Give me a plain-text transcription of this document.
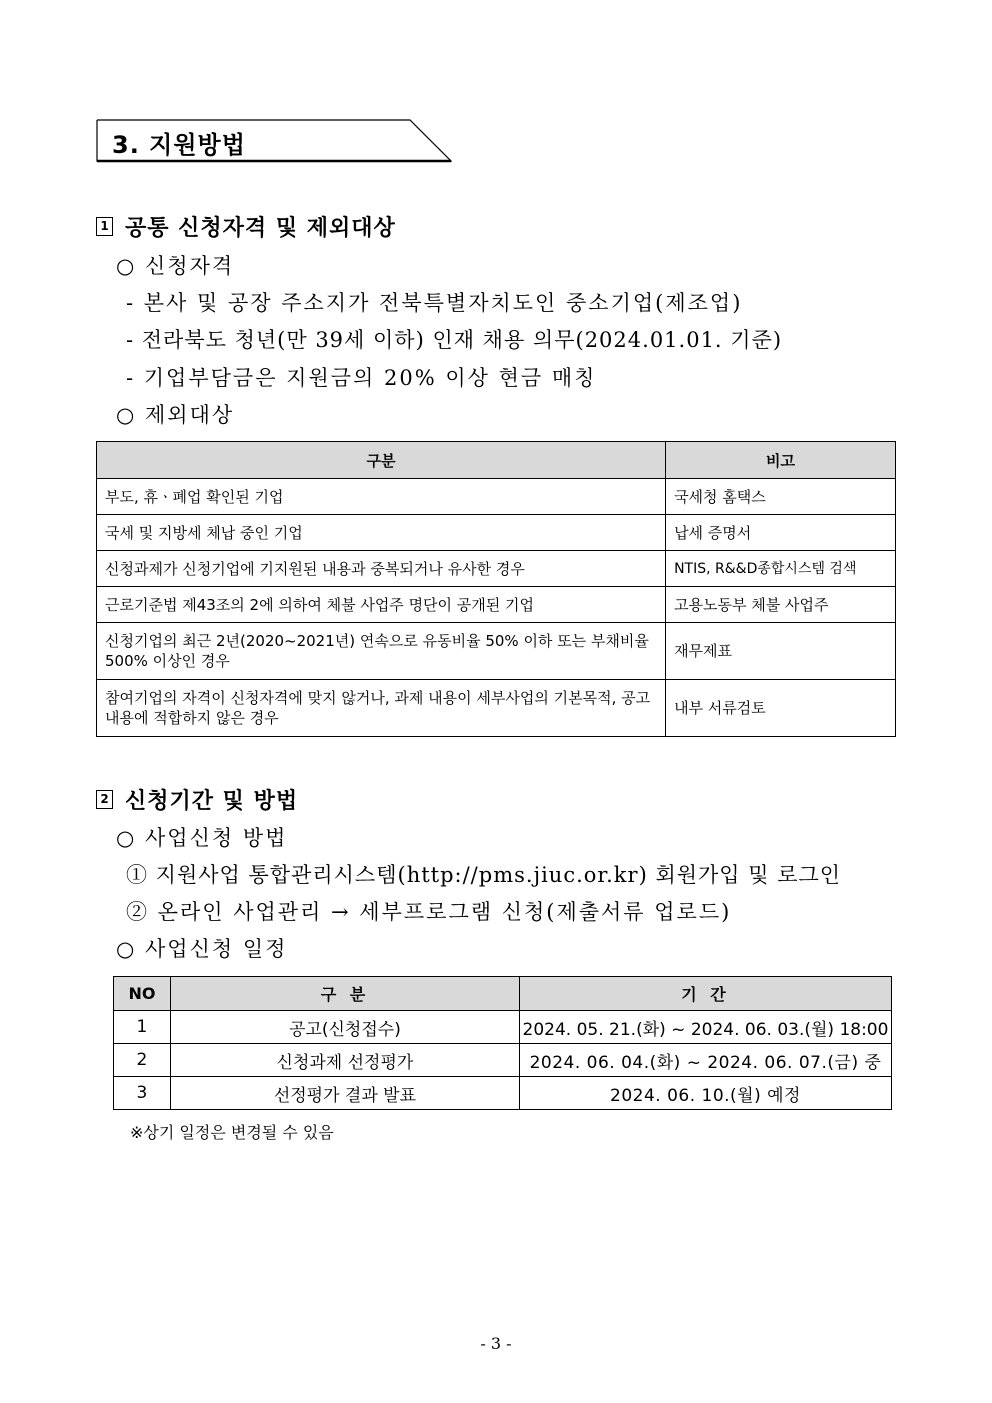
3. 지원방법
1 공통 신청자격 및 제외대상
○ 신청자격
- 본사 및 공장 주소지가 전북특별자치도인 중소기업(제조업)
- 전라북도 청년(만 39세 이하) 인재 채용 의무(2024.01.01. 기준)
- 기업부담금은 지원금의 20% 이상 현금 매칭
○ 제외대상
구분	비고
부도, 휴ㆍ폐업 확인된 기업	국세청 홈택스
국세 및 지방세 체납 중인 기업	납세 증명서
신청과제가 신청기업에 기지원된 내용과 중복되거나 유사한 경우	NTIS, R&&D종합시스템 검색
근로기준법 제43조의 2에 의하여 체불 사업주 명단이 공개된 기업	고용노동부 체불 사업주
신청기업의 최근 2년(2020~2021년) 연속으로 유동비율 50% 이하 또는 부채비율 500% 이상인 경우	재무제표
참여기업의 자격이 신청자격에 맞지 않거나, 과제 내용이 세부사업의 기본목적, 공고내용에 적합하지 않은 경우	내부 서류검토
2 신청기간 및 방법
○ 사업신청 방법
① 지원사업 통합관리시스템(http://pms.jiuc.or.kr) 회원가입 및 로그인
② 온라인 사업관리 → 세부프로그램 신청(제출서류 업로드)
○ 사업신청 일정
NO	구 분	기 간
1	공고(신청접수)	2024. 05. 21.(화) ~ 2024. 06. 03.(월) 18:00
2	신청과제 선정평가	2024. 06. 04.(화) ~ 2024. 06. 07.(금) 중
3	선정평가 결과 발표	2024. 06. 10.(월) 예정
※상기 일정은 변경될 수 있음
- 3 -
